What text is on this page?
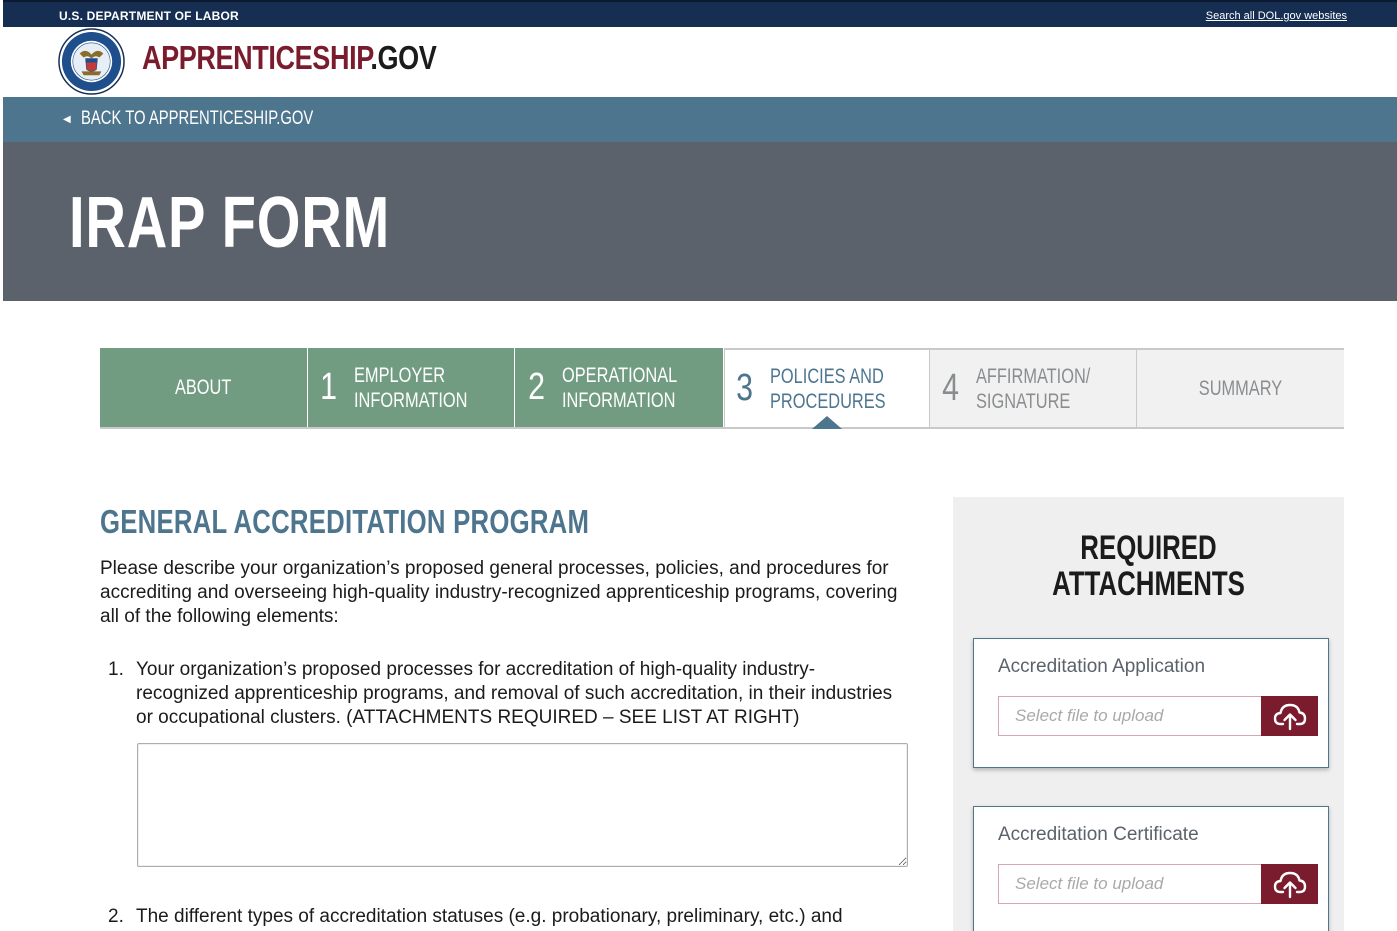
U.S. DEPARTMENT OF LABOR	Search all DOL.gov websites
APPRENTICESHIP.GOV
◀ BACK TO APPRENTICESHIP.GOV
IRAP FORM
ABOUT 1 EMPLOYER
INFORMATION 2 OPERATIONAL
INFORMATION 3 POLICIES AND
PROCEDURES 4 AFFIRMATION/
SIGNATURE
SUMMARY
GENERAL ACCREDITATION PROGRAM

Please describe your organization’s proposed general processes, policies, and procedures for accrediting and overseeing high-quality industry-recognized apprenticeship programs, covering all of the following elements:

1. Your organization’s proposed processes for accreditation of high-quality industry-recognized apprenticeship programs, and removal of such accreditation, in their industries or occupational clusters. (ATTACHMENTS REQUIRED – SEE LIST AT RIGHT)
2. The different types of accreditation statuses (e.g. probationary, preliminary, etc.) and
REQUIRED
ATTACHMENTS
Accreditation Application
Select file to upload
Accreditation Certificate
Select file to upload
